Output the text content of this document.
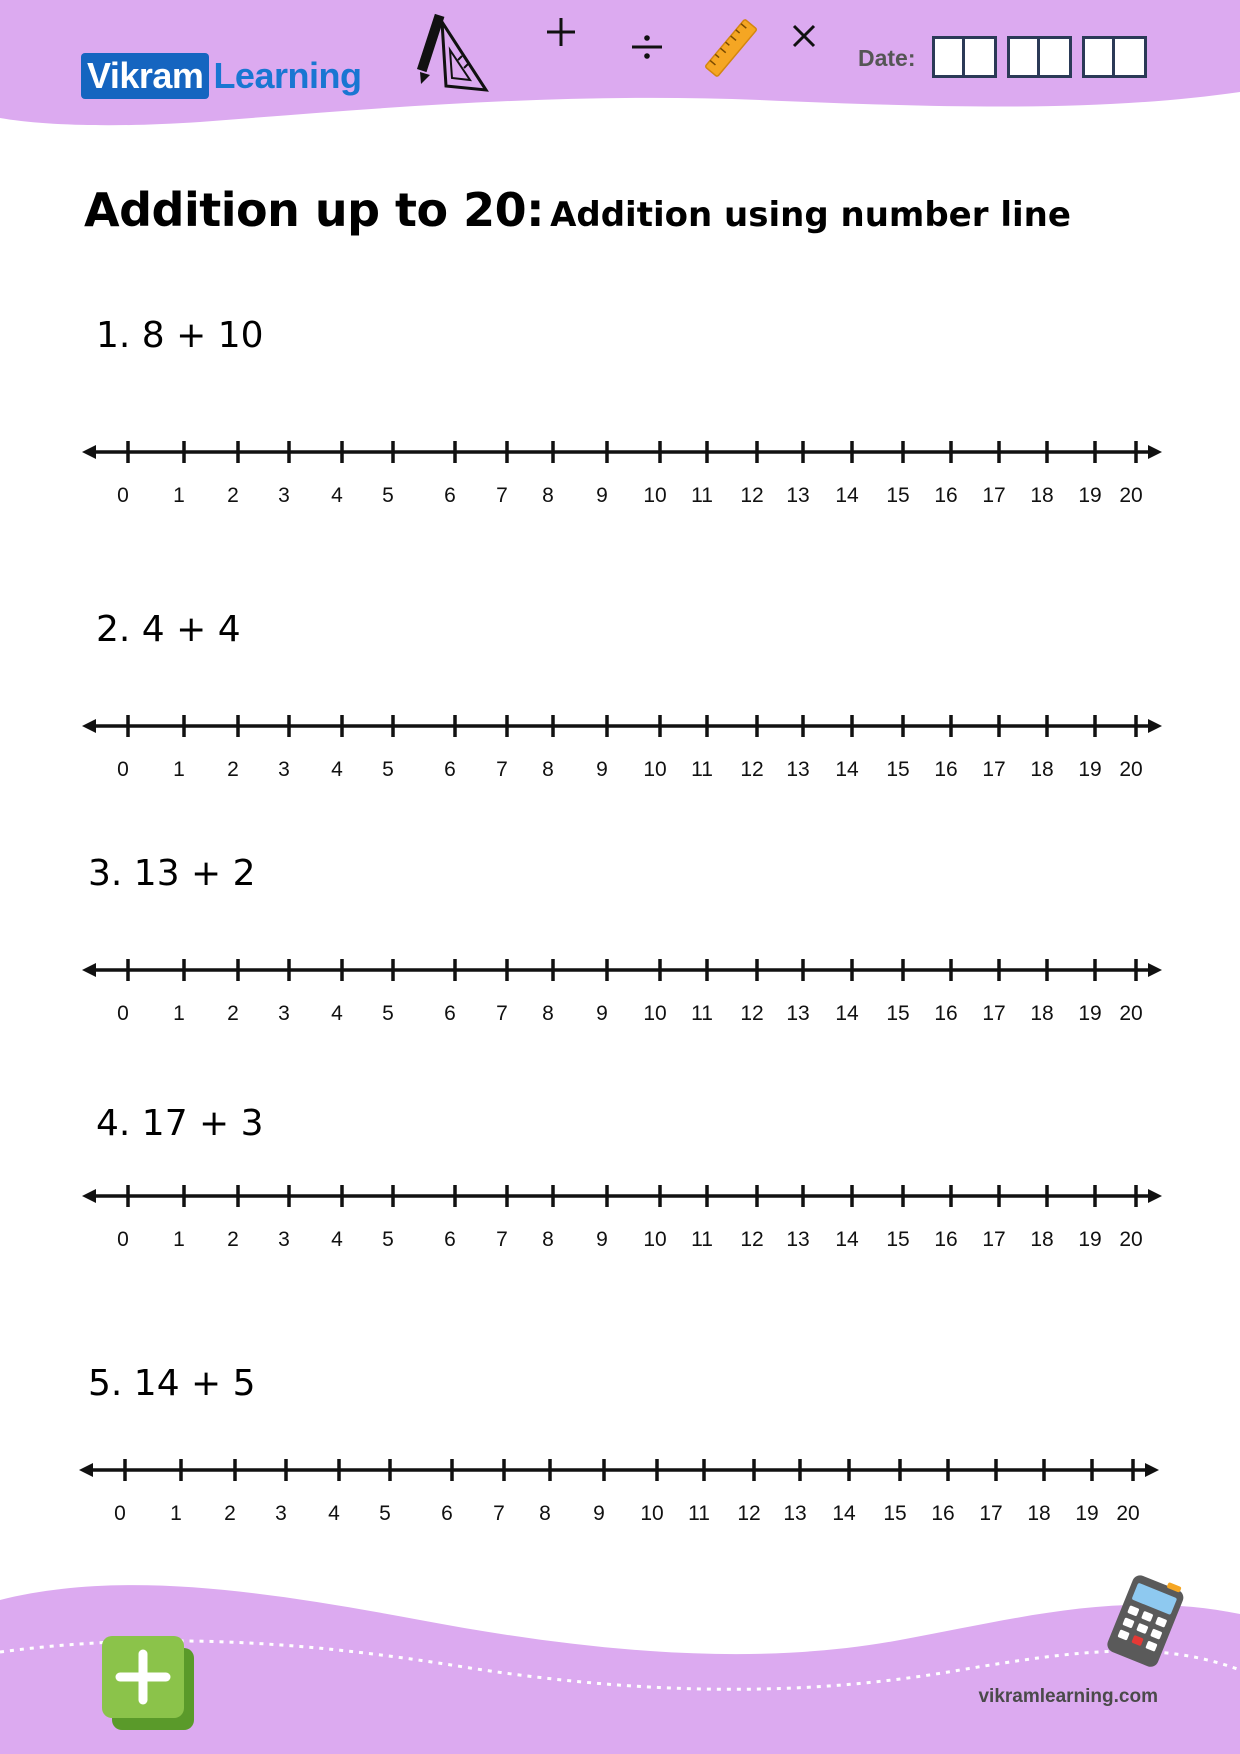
Vikram Learning	Date:
Addition up to 20: Addition using number line
1. 8 + 10
2. 4 + 4
3. 13 + 2
4. 17 + 3
5. 14 + 5
0 1 2 3 4 5 6 7 8 9 10 11 12 13 14 15 16 17 18 19 20
0 1 2 3 4 5 6 7 8 9 10 11 12 13 14 15 16 17 18 19 20
0 1 2 3 4 5 6 7 8 9 10 11 12 13 14 15 16 17 18 19 20
0 1 2 3 4 5 6 7 8 9 10 11 12 13 14 15 16 17 18 19 20
0 1 2 3 4 5 6 7 8 9 10 11 12 13 14 15 16 17 18 19 20
vikramlearning.com
